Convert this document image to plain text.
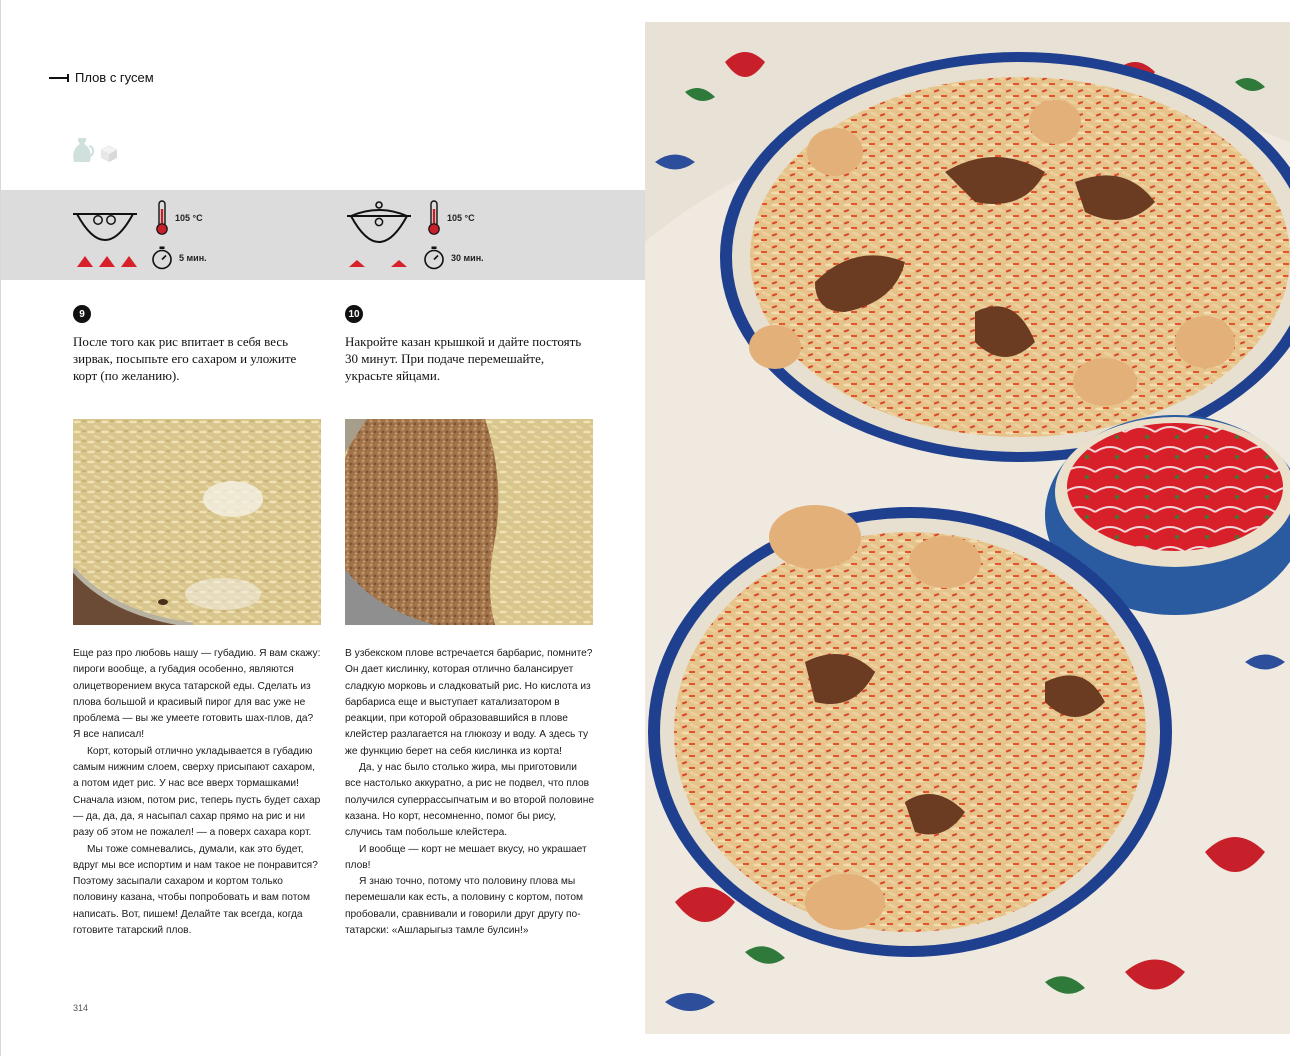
Плов с гусем
105 °C
5 мин.
105 °C
30 мин.
9	10
После того как рис впитает в себя весь зирвак, посыпьте его сахаром и уложите корт (по желанию).
Накройте казан крышкой и дайте постоять 30 минут. При подаче перемешайте, украсьте яйцами.

Еще раз про любовь нашу — губадию. Я вам скажу: пироги вообще, а губадия особенно, являются олицетворением вкуса татарской еды. Сделать из плова большой и красивый пирог для вас уже не проблема — вы же умеете готовить шах-плов, да? Я все написал!

Корт, который отлично укладывается в губадию самым нижним слоем, сверху присыпают сахаром, а потом идет рис. У нас все вверх тормашками! Сначала изюм, потом рис, теперь пусть будет сахар — да, да, да, я насыпал сахар прямо на рис и ни разу об этом не пожалел! — а поверх сахара корт.

Мы тоже сомневались, думали, как это будет, вдруг мы все испортим и нам такое не понравится? Поэтому засыпали сахаром и кортом только половину казана, чтобы попробовать и вам потом написать. Вот, пишем! Делайте так всегда, когда готовите татарский плов.

В узбекском плове встречается барбарис, помните? Он дает кислинку, которая отлично балансирует сладкую морковь и сладковатый рис. Но кислота из барбариса еще и выступает катализатором в реакции, при которой образовавшийся в плове клейстер разлагается на глюкозу и воду. А здесь ту же функцию берет на себя кислинка из корта!

Да, у нас было столько жира, мы приготовили все настолько аккуратно, а рис не подвел, что плов получился суперрассыпчатым и во второй половине казана. Но корт, несомненно, помог бы рису, случись там побольше клейстера.

И вообще — корт не мешает вкусу, но украшает плов!

Я знаю точно, потому что половину плова мы перемешали как есть, а половину с кортом, потом пробовали, сравнивали и говорили друг другу по-татарски: «Ашларыгыз тамле булсин!»

314
